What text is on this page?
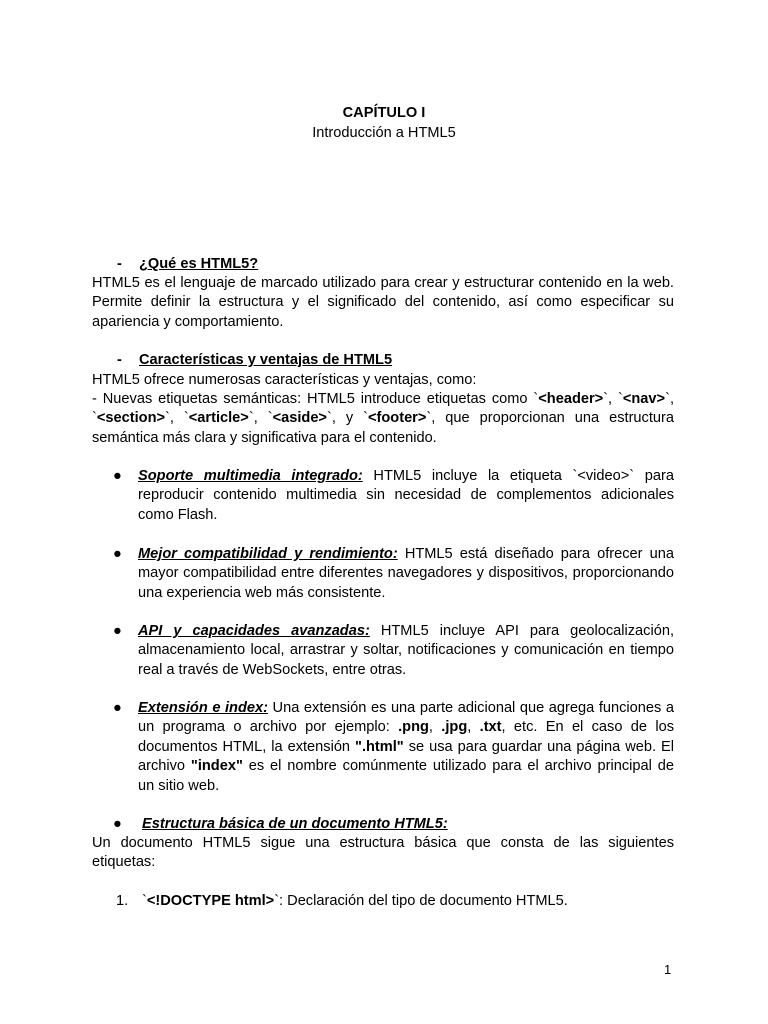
CAPÍTULO I
Introducción a HTML5
- ¿Qué es HTML5?
HTML5 es el lenguaje de marcado utilizado para crear y estructurar contenido en la web. Permite definir la estructura y el significado del contenido, así como especificar su apariencia y comportamiento.
- Características y ventajas de HTML5
HTML5 ofrece numerosas características y ventajas, como:
- Nuevas etiquetas semánticas: HTML5 introduce etiquetas como `<header>`, `<nav>`, `<section>`, `<article>`, `<aside>`, y `<footer>`, que proporcionan una estructura semántica más clara y significativa para el contenido.
● Soporte multimedia integrado: HTML5 incluye la etiqueta `<video>` para reproducir contenido multimedia sin necesidad de complementos adicionales como Flash.
● Mejor compatibilidad y rendimiento: HTML5 está diseñado para ofrecer una mayor compatibilidad entre diferentes navegadores y dispositivos, proporcionando una experiencia web más consistente.
● API y capacidades avanzadas: HTML5 incluye API para geolocalización, almacenamiento local, arrastrar y soltar, notificaciones y comunicación en tiempo real a través de WebSockets, entre otras.
● Extensión e index: Una extensión es una parte adicional que agrega funciones a un programa o archivo por ejemplo: .png, .jpg, .txt, etc. En el caso de los documentos HTML, la extensión ".html" se usa para guardar una página web. El archivo "index" es el nombre comúnmente utilizado para el archivo principal de un sitio web.
● Estructura básica de un documento HTML5:
Un documento HTML5 sigue una estructura básica que consta de las siguientes etiquetas:
1. `<!DOCTYPE html>`: Declaración del tipo de documento HTML5.
1
